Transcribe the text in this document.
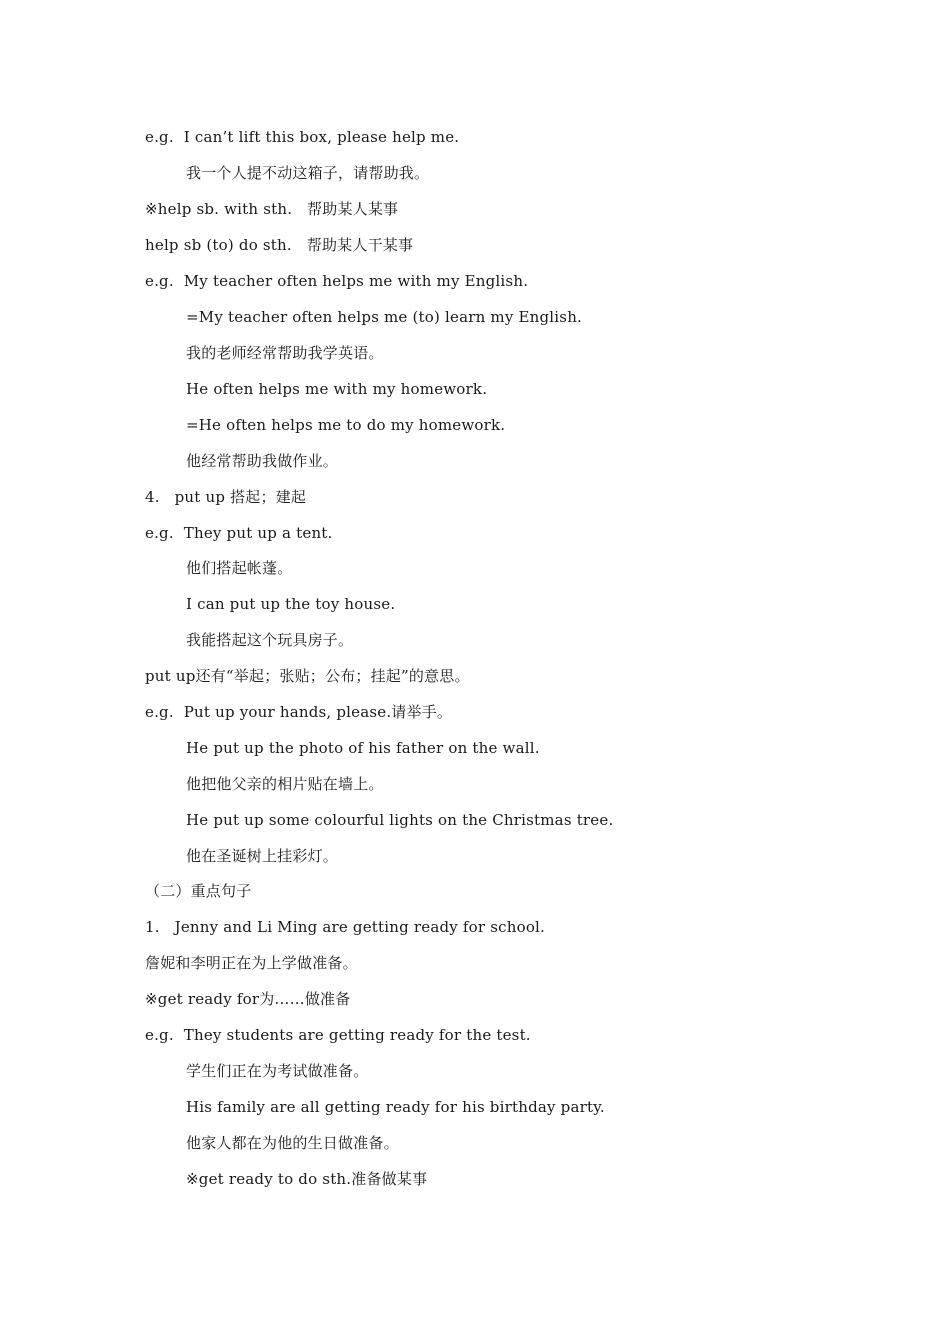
e.g.  I can’t lift this box, please help me.
我一个人提不动这箱子，请帮助我。
※help sb. with sth.   帮助某人某事
help sb (to) do sth.   帮助某人干某事
e.g.  My teacher often helps me with my English.
=My teacher often helps me (to) learn my English.
我的老师经常帮助我学英语。
He often helps me with my homework.
=He often helps me to do my homework.
他经常帮助我做作业。
4.   put up 搭起；建起
e.g.  They put up a tent.
他们搭起帐蓬。
I can put up the toy house.
我能搭起这个玩具房子。
put up还有“举起；张贴；公布；挂起”的意思。
e.g.  Put up your hands, please.请举手。
He put up the photo of his father on the wall.
他把他父亲的相片贴在墙上。
He put up some colourful lights on the Christmas tree.
他在圣诞树上挂彩灯。
（二）重点句子
1.   Jenny and Li Ming are getting ready for school.
詹妮和李明正在为上学做准备。
※get ready for为……做准备
e.g.  They students are getting ready for the test.
学生们正在为考试做准备。
His family are all getting ready for his birthday party.
他家人都在为他的生日做准备。
※get ready to do sth.准备做某事
